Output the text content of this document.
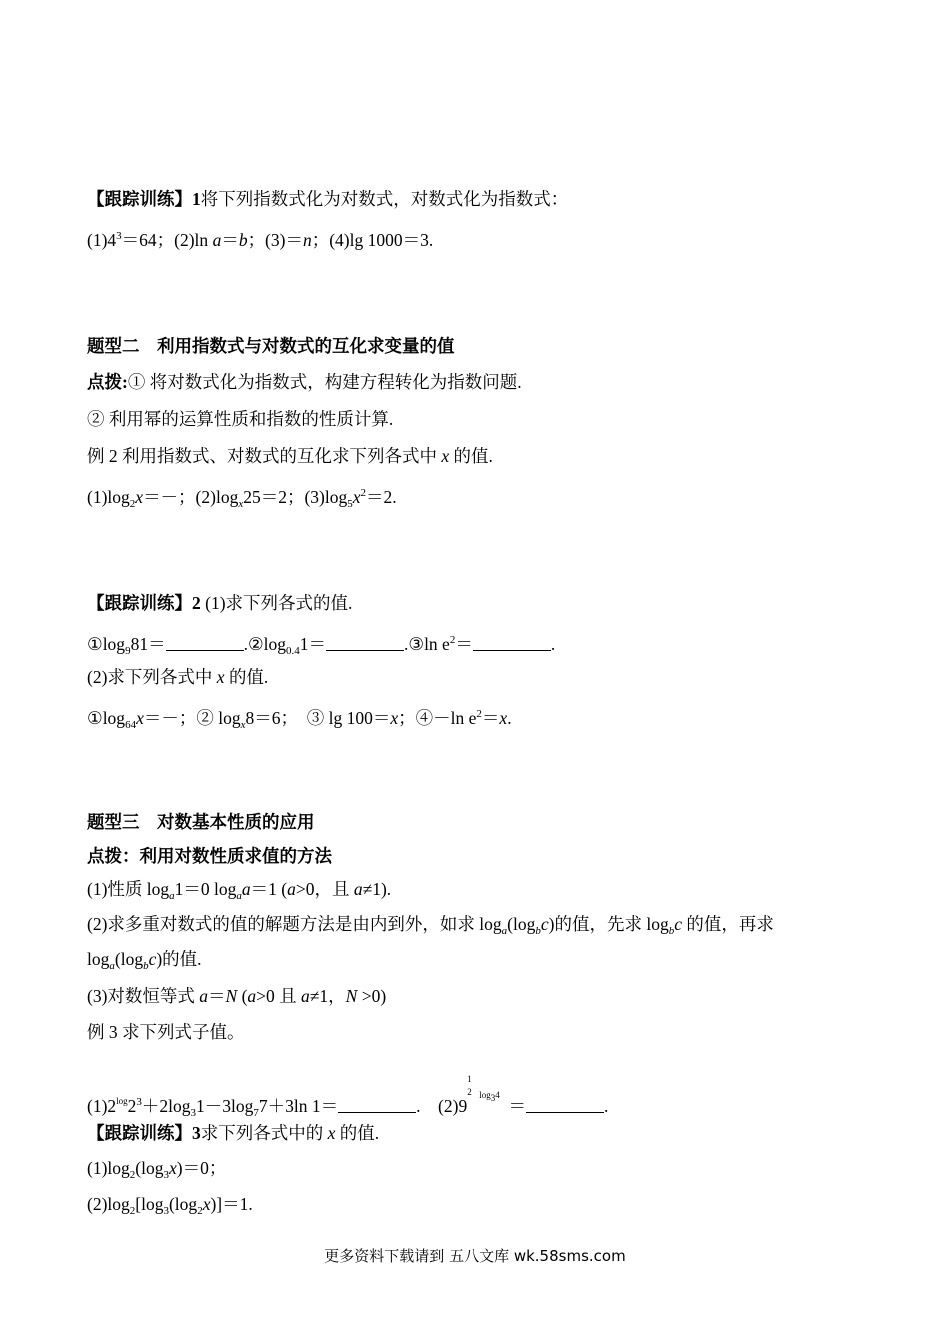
【跟踪训练】1将下列指数式化为对数式，对数式化为指数式：
$(1)4^3=64$；(2)ln a＝b；(3)＝n；(4)lg 1000＝3.
题型二　利用指数式与对数式的互化求变量的值
点拨:① 将对数式化为指数式，构建方程转化为指数问题.
② 利用幂的运算性质和指数的性质计算.
例 2 利用指数式、对数式的互化求下列各式中 x 的值.
$(1)\log_2x=-$；$(2)\log_x25=2$；$(3)\log_5x^2=2$.
【跟踪训练】2 (1)求下列各式的值.
$①\log_981=$	$.②\log_{0.4}1=$	.③ln $e^2=$	.
(2)求下列各式中 x 的值.
$①\log_{64}x=-$；② $\log_x8=6$；　③ lg 100＝x；④－ln $e^2=x$.
题型三　对数基本性质的应用
点拨：利用对数性质求值的方法
(1)性质 $\log_a1=0$ $\log_aa=1$ (a>0，且 a≠1).
(2)求多重对数式的值的解题方法是由内到外，如求 $\log_a(\log_bc)$的值，先求 $\log_bc$ 的值，再求
$\log_a(\log_bc)$的值.
(3)对数恒等式 a＝N (a>0 且 a≠1，N >0)
例 3 求下列式子值。
$(1)2^{log}2^3+2\log_31-3\log_77+3\ln$ 1＝	.　(2)9
1
2 $^{log34}$  ＝	.
【跟踪训练】3求下列各式中的 x 的值.
$(1)\log_2(\log_3x)=0$；
$(2)\log_2[\log_3(\log_2x)]=1$.
更多资料下载请到 五八文库 wk.58sms.com
